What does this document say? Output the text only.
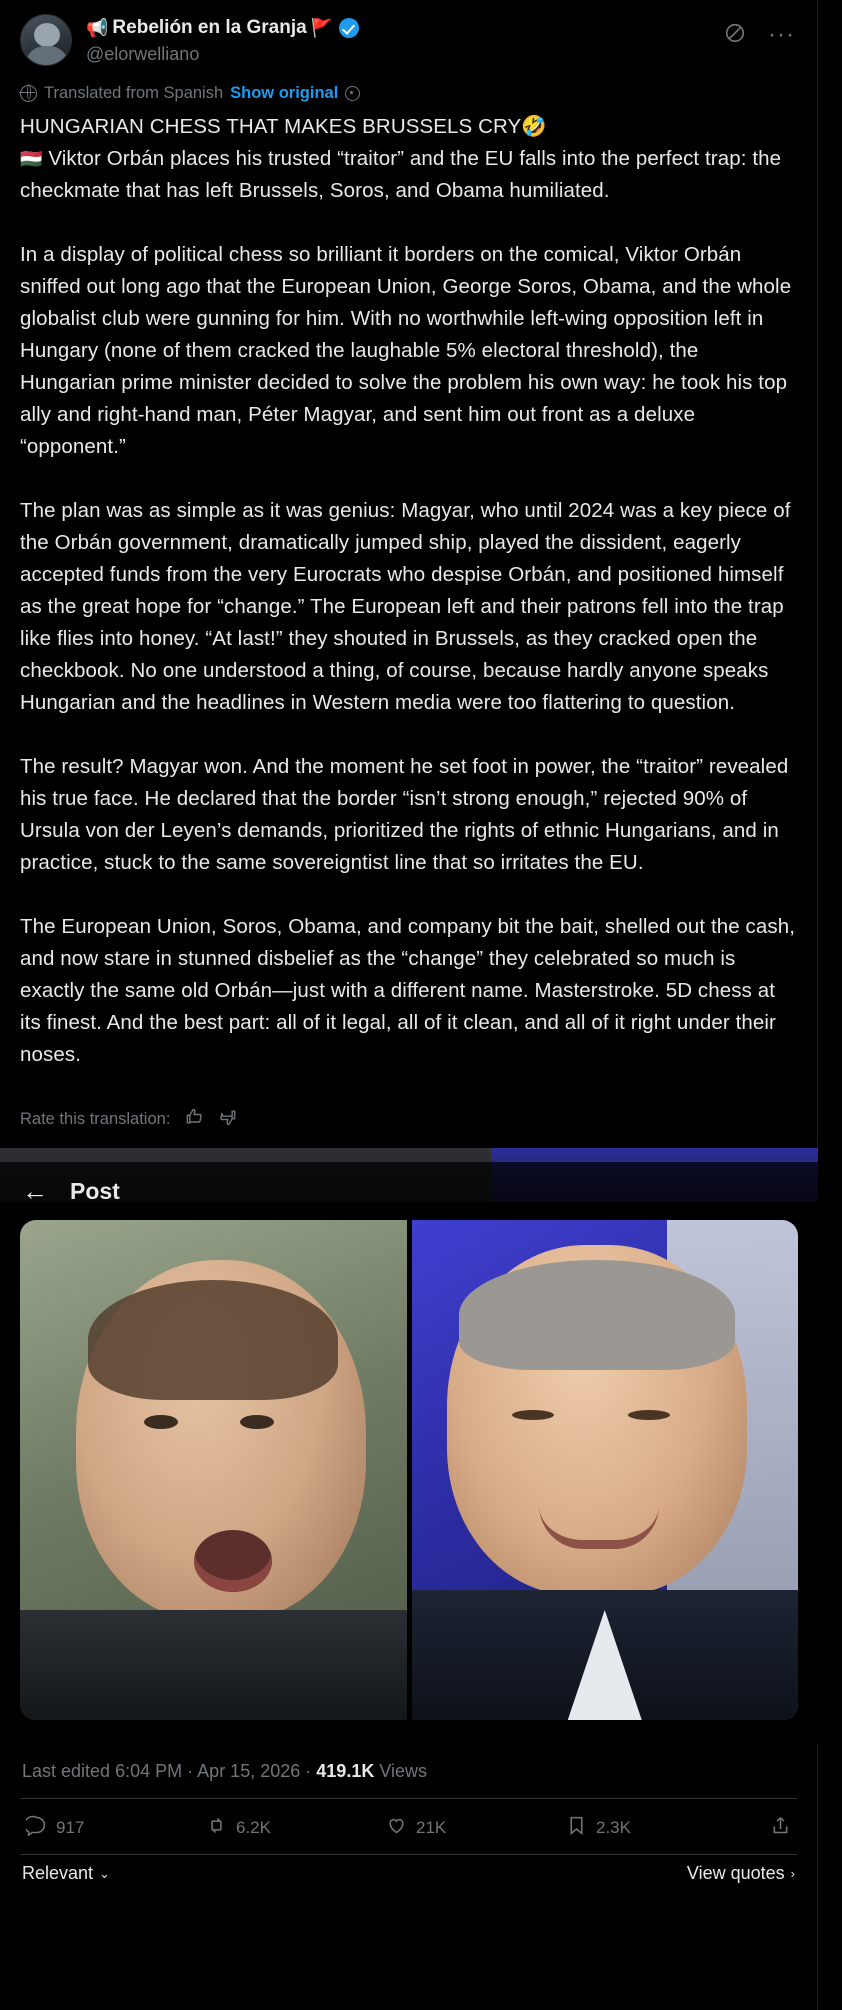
📢 Rebelión en la Granja 🚩
@elorwelliano
···
Translated from Spanish Show original

HUNGARIAN CHESS THAT MAKES BRUSSELS CRY🤣
🇭🇺 Viktor Orbán places his trusted “traitor” and the EU falls into the perfect trap: the checkmate that has left Brussels, Soros, and Obama humiliated.

In a display of political chess so brilliant it borders on the comical, Viktor Orbán sniffed out long ago that the European Union, George Soros, Obama, and the whole globalist club were gunning for him. With no worthwhile left-wing opposition left in Hungary (none of them cracked the laughable 5% electoral threshold), the Hungarian prime minister decided to solve the problem his own way: he took his top ally and right-hand man, Péter Magyar, and sent him out front as a deluxe “opponent.”

The plan was as simple as it was genius: Magyar, who until 2024 was a key piece of the Orbán government, dramatically jumped ship, played the dissident, eagerly accepted funds from the very Eurocrats who despise Orbán, and positioned himself as the great hope for “change.” The European left and their patrons fell into the trap like flies into honey. “At last!” they shouted in Brussels, as they cracked open the checkbook. No one understood a thing, of course, because hardly anyone speaks Hungarian and the headlines in Western media were too flattering to question.

The result? Magyar won. And the moment he set foot in power, the “traitor” revealed his true face. He declared that the border “isn’t strong enough,” rejected 90% of Ursula von der Leyen’s demands, prioritized the rights of ethnic Hungarians, and in practice, stuck to the same sovereigntist line that so irritates the EU.

The European Union, Soros, Obama, and company bit the bait, shelled out the cash, and now stare in stunned disbelief as the “change” they celebrated so much is exactly the same old Orbán—just with a different name. Masterstroke. 5D chess at its finest. And the best part: all of it legal, all of it clean, and all of it right under their noses.

Rate this translation:
← Post
Last edited 6:04 PM · Apr 15, 2026 · 419.1K Views
917	6.2K	21K	2.3K
Relevant ⌄	View quotes ›
